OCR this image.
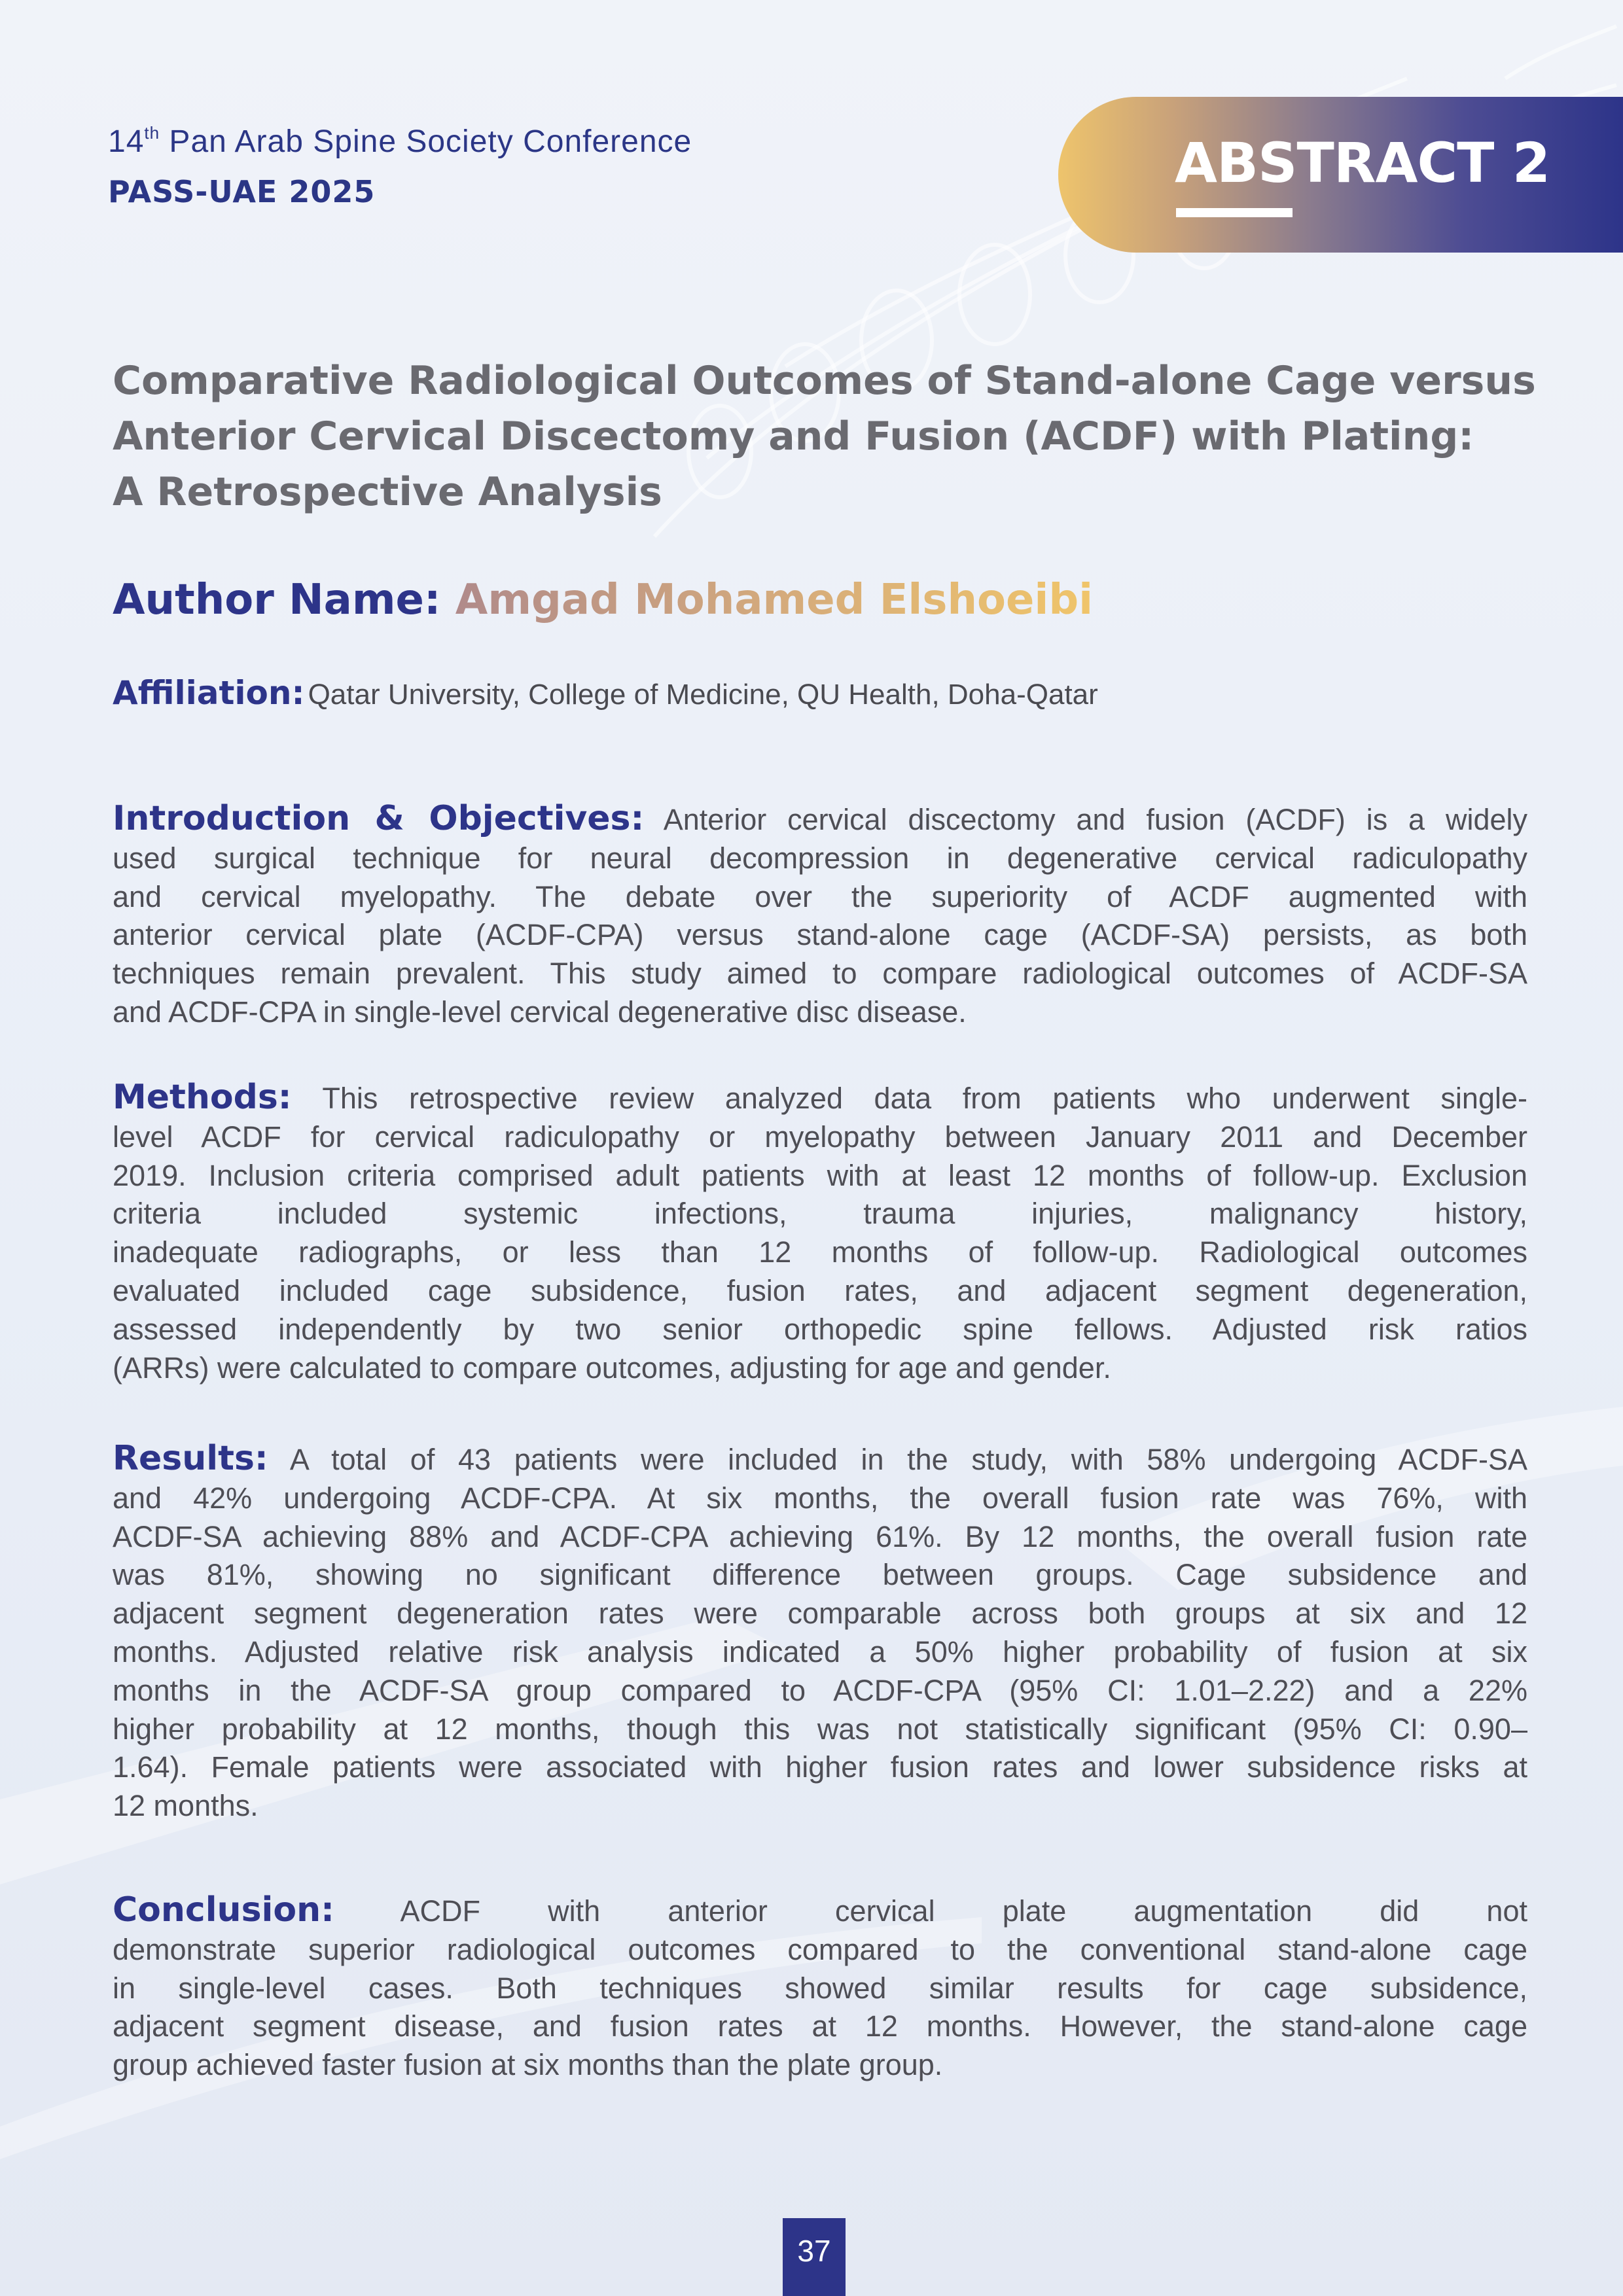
14th Pan Arab Spine Society Conference
PASS-UAE 2025	ABSTRACT 2
Comparative Radiological Outcomes of Stand-alone Cage versus
Anterior Cervical Discectomy and Fusion (ACDF) with Plating:
A Retrospective Analysis
Author Name: Amgad Mohamed Elshoeibi
Affiliation: Qatar University, College of Medicine, QU Health, Doha-Qatar
Introduction & Objectives: Anterior cervical discectomy and fusion (ACDF) is a widely
used surgical technique for neural decompression in degenerative cervical radiculopathy
and cervical myelopathy. The debate over the superiority of ACDF augmented with
anterior cervical plate (ACDF-CPA) versus stand-alone cage (ACDF-SA) persists, as both
techniques remain prevalent. This study aimed to compare radiological outcomes of ACDF-SA
and ACDF-CPA in single-level cervical degenerative disc disease.
Methods: This retrospective review analyzed data from patients who underwent single-
level ACDF for cervical radiculopathy or myelopathy between January 2011 and December
2019. Inclusion criteria comprised adult patients with at least 12 months of follow-up. Exclusion
criteria included systemic infections, trauma injuries, malignancy history,
inadequate radiographs, or less than 12 months of follow-up. Radiological outcomes
evaluated included cage subsidence, fusion rates, and adjacent segment degeneration,
assessed independently by two senior orthopedic spine fellows. Adjusted risk ratios
(ARRs) were calculated to compare outcomes, adjusting for age and gender.
Results: A total of 43 patients were included in the study, with 58% undergoing ACDF-SA
and 42% undergoing ACDF-CPA. At six months, the overall fusion rate was 76%, with
ACDF-SA achieving 88% and ACDF-CPA achieving 61%. By 12 months, the overall fusion rate
was 81%, showing no significant difference between groups. Cage subsidence and
adjacent segment degeneration rates were comparable across both groups at six and 12
months. Adjusted relative risk analysis indicated a 50% higher probability of fusion at six
months in the ACDF-SA group compared to ACDF-CPA (95% CI: 1.01–2.22) and a 22%
higher probability at 12 months, though this was not statistically significant (95% CI: 0.90–
1.64). Female patients were associated with higher fusion rates and lower subsidence risks at
12 months.
Conclusion: ACDF with anterior cervical plate augmentation did not
demonstrate superior radiological outcomes compared to the conventional stand-alone cage
in single-level cases. Both techniques showed similar results for cage subsidence,
adjacent segment disease, and fusion rates at 12 months. However, the stand-alone cage
group achieved faster fusion at six months than the plate group.
37
